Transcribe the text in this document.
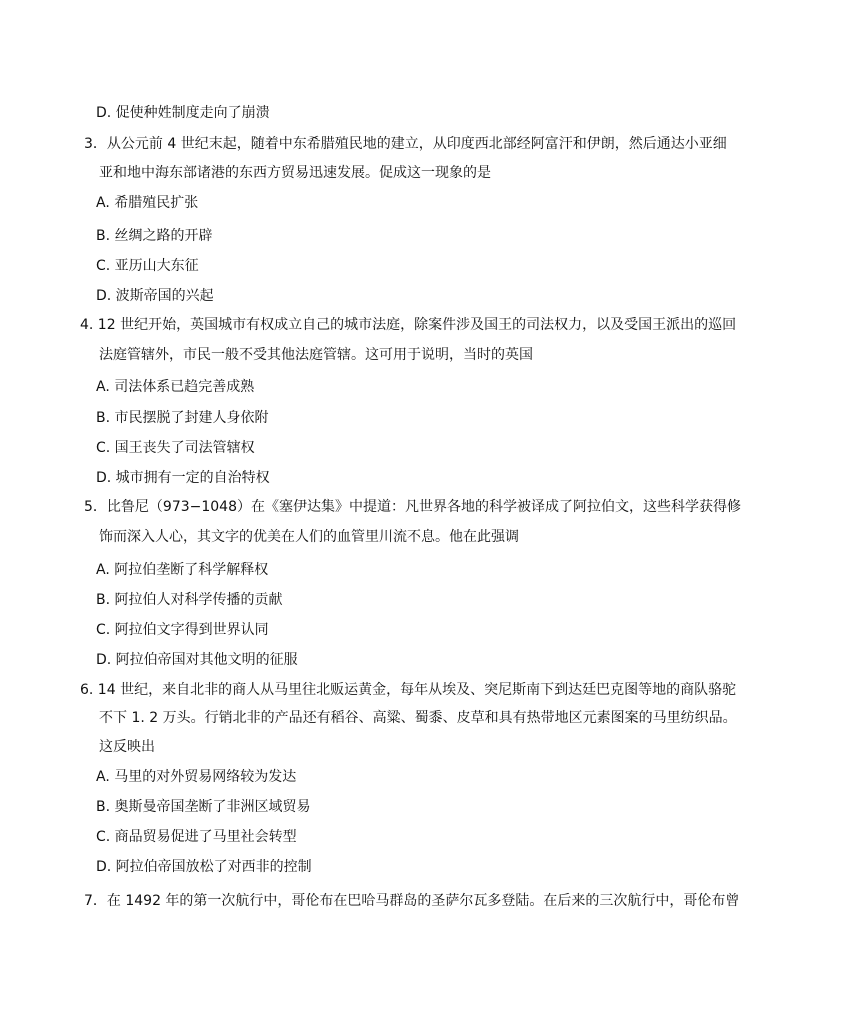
D. 促使种姓制度走向了崩溃
3．从公元前 4 世纪末起，随着中东希腊殖民地的建立，从印度西北部经阿富汗和伊朗，然后通达小亚细
亚和地中海东部诸港的东西方贸易迅速发展。促成这一现象的是
A. 希腊殖民扩张
B. 丝绸之路的开辟
C. 亚历山大东征
D. 波斯帝国的兴起
4. 12 世纪开始，英国城市有权成立自己的城市法庭，除案件涉及国王的司法权力，以及受国王派出的巡回
法庭管辖外，市民一般不受其他法庭管辖。这可用于说明，当时的英国
A. 司法体系已趋完善成熟
B. 市民摆脱了封建人身依附
C. 国王丧失了司法管辖权
D. 城市拥有一定的自治特权
5．比鲁尼（973−1048）在《塞伊达集》中提道：凡世界各地的科学被译成了阿拉伯文，这些科学获得修
饰而深入人心，其文字的优美在人们的血管里川流不息。他在此强调
A. 阿拉伯垄断了科学解释权
B. 阿拉伯人对科学传播的贡献
C. 阿拉伯文字得到世界认同
D. 阿拉伯帝国对其他文明的征服
6. 14 世纪，来自北非的商人从马里往北贩运黄金，每年从埃及、突尼斯南下到达廷巴克图等地的商队骆驼
不下 1. 2 万头。行销北非的产品还有稻谷、高粱、蜀黍、皮草和具有热带地区元素图案的马里纺织品。
这反映出
A. 马里的对外贸易网络较为发达
B. 奥斯曼帝国垄断了非洲区域贸易
C. 商品贸易促进了马里社会转型
D. 阿拉伯帝国放松了对西非的控制
7．在 1492 年的第一次航行中，哥伦布在巴哈马群岛的圣萨尔瓦多登陆。在后来的三次航行中，哥伦布曾
